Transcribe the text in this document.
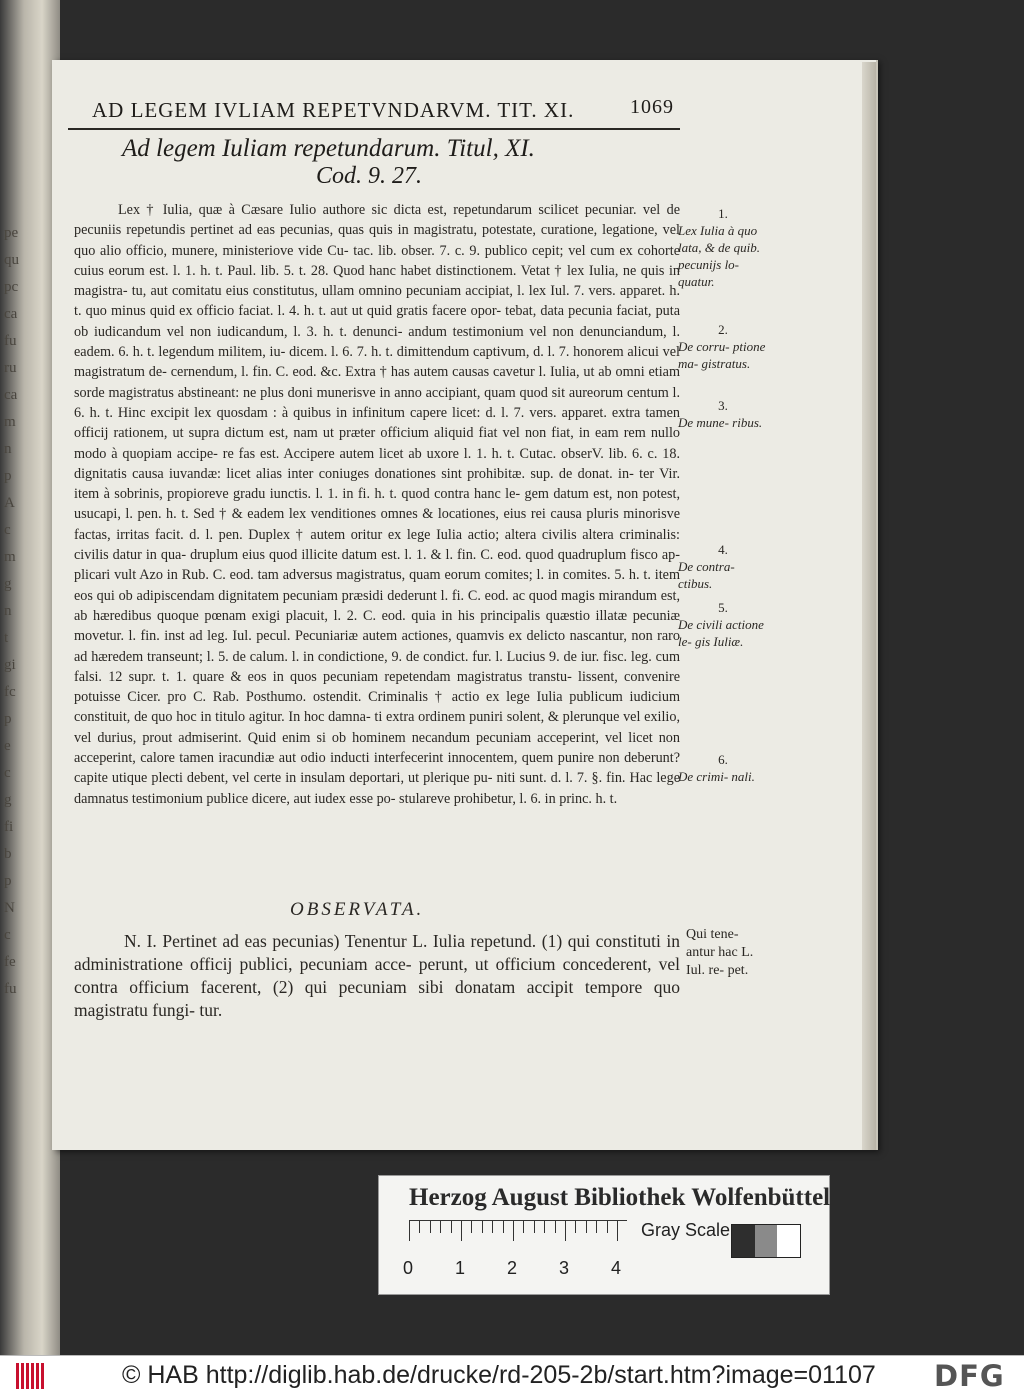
pe
qu
pc
ca
fu
ru
ca
m
n
p
A
c
m
g
n
t
gi
fc
p
e
c
g
fi
b
p
N
c
fe
fu
AD LEGEM IVLIAM REPETVNDARVM. TIT. XI.	1069
Ad legem Iuliam repetundarum. Titul, XI.
Cod. 9. 27.

Lex † Iulia, quæ à Cæsare Iulio authore sic dicta est, repetundarum scilicet pecuniar. vel de pecuniis repetundis pertinet ad eas pecunias, quas quis in magistratu, potestate, curatione, legatione, vel quo alio officio, munere, ministeriove vide Cu- tac. lib. obser. 7. c. 9. publico cepit; vel cum ex cohorte cuius eorum est. l. 1. h. t. Paul. lib. 5. t. 28. Quod hanc habet distinctionem. Vetat † lex Iulia, ne quis in magistra- tu, aut comitatu eius constitutus, ullam omnino pecuniam accipiat, l. lex Iul. 7. vers. apparet. h. t. quo minus quid ex officio faciat. l. 4. h. t. aut ut quid gratis facere opor- tebat, data pecunia faciat, puta ob iudicandum vel non iudicandum, l. 3. h. t. denunci- andum testimonium vel non denunciandum, l. eadem. 6. h. t. legendum militem, iu- dicem. l. 6. 7. h. t. dimittendum captivum, d. l. 7. honorem alicui vel magistratum de- cernendum, l. fin. C. eod. &c. Extra † has autem causas cavetur l. Iulia, ut ab omni etiam sorde magistratus abstineant: ne plus doni munerisve in anno accipiant, quam quod sit aureorum centum l. 6. h. t. Hinc excipit lex quosdam : à quibus in infinitum capere licet: d. l. 7. vers. apparet. extra tamen officij rationem, ut supra dictum est, nam ut præter officium aliquid fiat vel non fiat, in eam rem nullo modo à quopiam accipe- re fas est. Accipere autem licet ab uxore l. 1. h. t. Cutac. obserV. lib. 6. c. 18. dignitatis causa iuvandæ: licet alias inter coniuges donationes sint prohibitæ. sup. de donat. in- ter Vir. item à sobrinis, propioreve gradu iunctis. l. 1. in fi. h. t. quod contra hanc le- gem datum est, non potest, usucapi, l. pen. h. t. Sed † & eadem lex venditiones omnes & locationes, eius rei causa pluris minorisve factas, irritas facit. d. l. pen. Duplex † autem oritur ex lege Iulia actio; altera civilis altera criminalis: civilis datur in qua- druplum eius quod illicite datum est. l. 1. & l. fin. C. eod. quod quadruplum fisco ap- plicari vult Azo in Rub. C. eod. tam adversus magistratus, quam eorum comites; l. in comites. 5. h. t. item eos qui ob adipiscendam dignitatem pecuniam præsidi dederunt l. fi. C. eod. ac quod magis mirandum est, ab hæredibus quoque pœnam exigi placuit, l. 2. C. eod. quia in his principalis quæstio illatæ pecuniæ movetur. l. fin. inst ad leg. Iul. pecul. Pecuniariæ autem actiones, quamvis ex delicto nascantur, non raro ad hæredem transeunt; l. 5. de calum. l. in condictione, 9. de condict. fur. l. Lucius 9. de iur. fisc. leg. cum falsi. 12 supr. t. 1. quare & eos in quos pecuniam repetendam magistratus transtu- lissent, convenire potuisse Cicer. pro C. Rab. Posthumo. ostendit. Criminalis † actio ex lege Iulia publicum iudicium constituit, de quo hoc in titulo agitur. In hoc damna- ti extra ordinem puniri solent, & plerunque vel exilio, vel durius, prout admiserint. Quid enim si ob hominem necandum pecuniam acceperint, vel licet non acceperint, calore tamen iracundiæ aut odio inducti interfecerint innocentem, quem punire non deberunt? capite utique plecti debent, vel certe in insulam deportari, ut plerique pu- niti sunt. d. l. 7. §. fin. Hac lege damnatus testimonium publice dicere, aut iudex esse po- stulareve prohibetur, l. 6. in princ. h. t.

1.
Lex Iulia à quo lata, & de quib. pecunijs lo- quatur.
2.
De corru- ptione ma- gistratus.
3.
De mune- ribus.
4.
De contra- ctibus.
5.
De civili actione le- gis Iuliæ.
6.
De crimi- nali.
OBSERVATA.

N. I. Pertinet ad eas pecunias) Tenentur L. Iulia repetund. (1) qui constituti in administratione officij publici, pecuniam acce- perunt, ut officium concederent, vel contra officium facerent, (2) qui pecuniam sibi donatam accipit tempore quo magistratu fungi- tur.

Qui tene- antur hac L. Iul. re- pet.
Herzog August Bibliothek Wolfenbüttel
0 1 2 3 4
Gray Scale
© HAB http://diglib.hab.de/drucke/rd-205-2b/start.htm?image=01107 DFG
